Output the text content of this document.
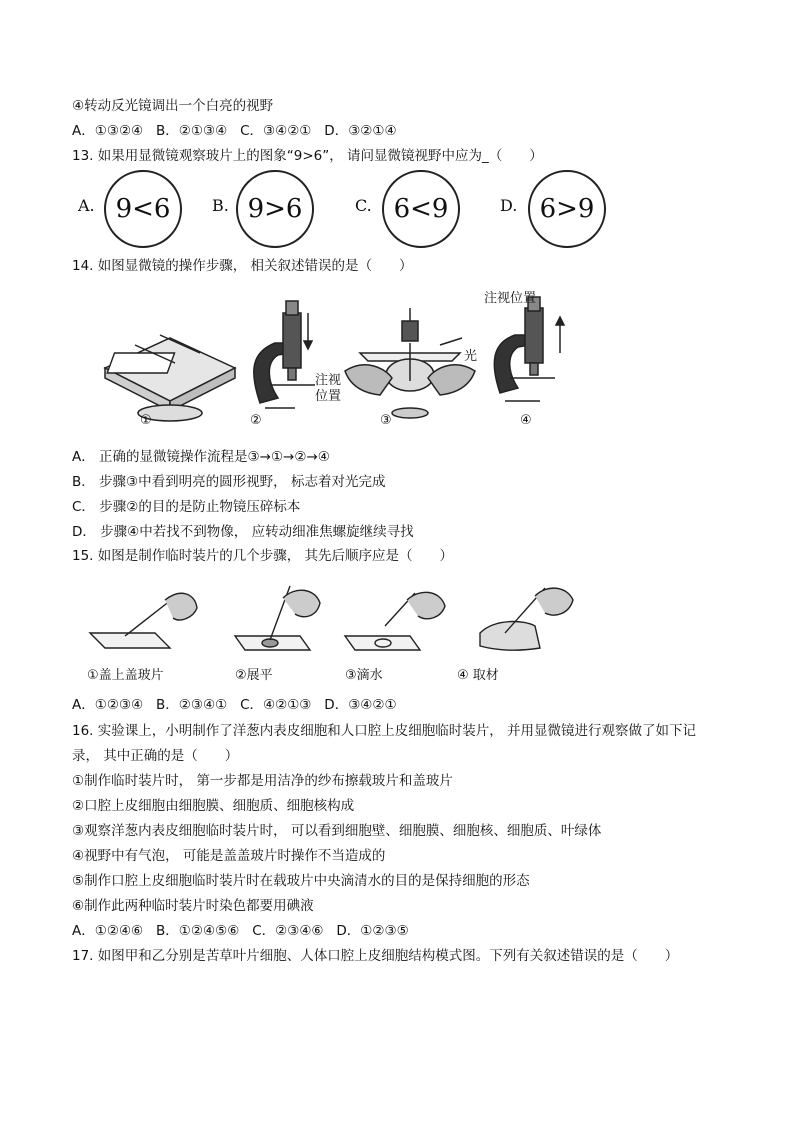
④转动反光镜调出一个白亮的视野
A．①③②④ B．②①③④ C．③④②① D．③②①④
13. 如果用显微镜观察玻片上的图象“9>6”， 请问显微镜视野中应为_（　　）
A. 9<6	B. 9>6	C. 6<9	D. 6>9
14. 如图显微镜的操作步骤， 相关叙述错误的是（　　）
①	②	③	④
注视位置
注视位置
光
A． 正确的显微镜操作流程是③→①→②→④
B． 步骤③中看到明亮的圆形视野， 标志着对光完成
C． 步骤②的目的是防止物镜压碎标本
D． 步骤④中若找不到物像， 应转动细准焦螺旋继续寻找
15. 如图是制作临时装片的几个步骤， 其先后顺序应是（　　）
①盖上盖玻片	②展平	③滴水	④ 取材
A．①②③④ B．②③④① C．④②①③ D．③④②①
16. 实验课上，小明制作了洋葱内表皮细胞和人口腔上皮细胞临时装片， 并用显微镜进行观察做了如下记
录， 其中正确的是（　　）
①制作临时装片时， 第一步都是用洁净的纱布擦载玻片和盖玻片
②口腔上皮细胞由细胞膜、细胞质、细胞核构成
③观察洋葱内表皮细胞临时装片时， 可以看到细胞壁、细胞膜、细胞核、细胞质、叶绿体
④视野中有气泡， 可能是盖盖玻片时操作不当造成的
⑤制作口腔上皮细胞临时装片时在载玻片中央滴清水的目的是保持细胞的形态
⑥制作此两种临时装片时染色都要用碘液
A．①②④⑥ B．①②④⑤⑥ C．②③④⑥ D．①②③⑤
17. 如图甲和乙分别是苦草叶片细胞、人体口腔上皮细胞结构模式图。下列有关叙述错误的是（　　）
